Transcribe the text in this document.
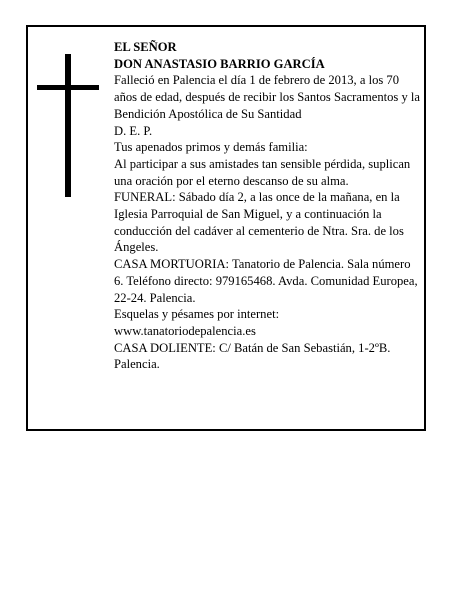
EL SEÑOR

DON ANASTASIO BARRIO GARCÍA

Falleció en Palencia el día 1 de febrero de 2013, a los 70 años de edad, después de recibir los Santos Sacramentos y la Bendición Apostólica de Su Santidad

D. E. P.

Tus apenados primos y demás familia:

Al participar a sus amistades tan sensible pérdida, suplican una oración por el eterno descanso de su alma.

FUNERAL: Sábado día 2, a las once de la mañana, en la Iglesia Parroquial de San Miguel, y a continuación la conducción del cadáver al cementerio de Ntra. Sra. de los Ángeles.

CASA MORTUORIA: Tanatorio de Palencia. Sala número 6. Teléfono directo: 979165468. Avda. Comunidad Europea, 22-24. Palencia.

Esquelas y pésames por internet: www.tanatoriodepalencia.es

CASA DOLIENTE: C/ Batán de San Sebastián, 1-2ºB. Palencia.
